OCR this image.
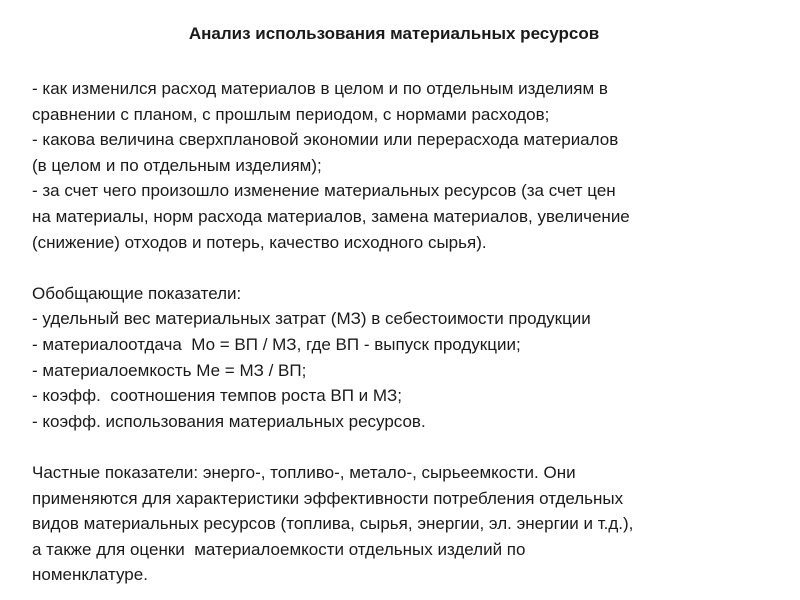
Анализ использования материальных ресурсов
- как изменился расход материалов в целом и по отдельным изделиям в
сравнении с планом, с прошлым периодом, с нормами расходов;
- какова величина сверхплановой экономии или перерасхода материалов
(в целом и по отдельным изделиям);
- за счет чего произошло изменение материальных ресурсов (за счет цен
на материалы, норм расхода материалов, замена материалов, увеличение
(снижение) отходов и потерь, качество исходного сырья).
Обобщающие показатели:
- удельный вес материальных затрат (МЗ) в себестоимости продукции
- материалоотдача  Мо = ВП / МЗ, где ВП - выпуск продукции;
- материалоемкость Ме = МЗ / ВП;
- коэфф.  соотношения темпов роста ВП и МЗ;
- коэфф. использования материальных ресурсов.
Частные показатели: энерго-, топливо-, метало-, сырьеемкости. Они
применяются для характеристики эффективности потребления отдельных
видов материальных ресурсов (топлива, сырья, энергии, эл. энергии и т.д.),
а также для оценки  материалоемкости отдельных изделий по
номенклатуре.
